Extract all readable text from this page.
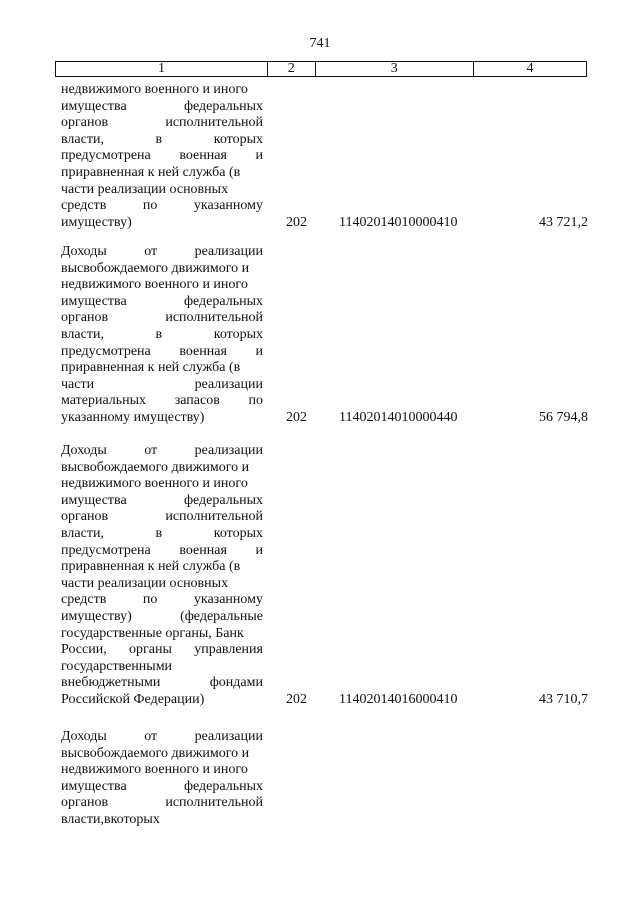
741
1	2	3	4
недвижимого военного и иного
имущества	федеральных
органов	исполнительной
власти,	в	которых
предусмотрена военная и
приравненная к ней служба (в
части реализации основных
средств	по	указанному
имуществу)	202 11402014010000410	43 721,2
Доходы	от	реализации
высвобождаемого движимого и
недвижимого военного и иного
имущества	федеральных
органов	исполнительной
власти,	в	которых
предусмотрена военная и
приравненная к ней служба (в
части	реализации
материальных запасов по
указанному имуществу)	202 11402014010000440	56 794,8
Доходы	от	реализации
высвобождаемого движимого и
недвижимого военного и иного
имущества	федеральных
органов	исполнительной
власти,	в	которых
предусмотрена военная и
приравненная к ней служба (в
части реализации основных
средств	по	указанному
имуществу)	(федеральные
государственные органы, Банк
России, органы управления
государственными
внебюджетными	фондами
Российской Федерации)	202 11402014016000410	43 710,7
Доходы	от	реализации
высвобождаемого движимого и
недвижимого военного и иного
имущества	федеральных
органов	исполнительной
власти, в которых
